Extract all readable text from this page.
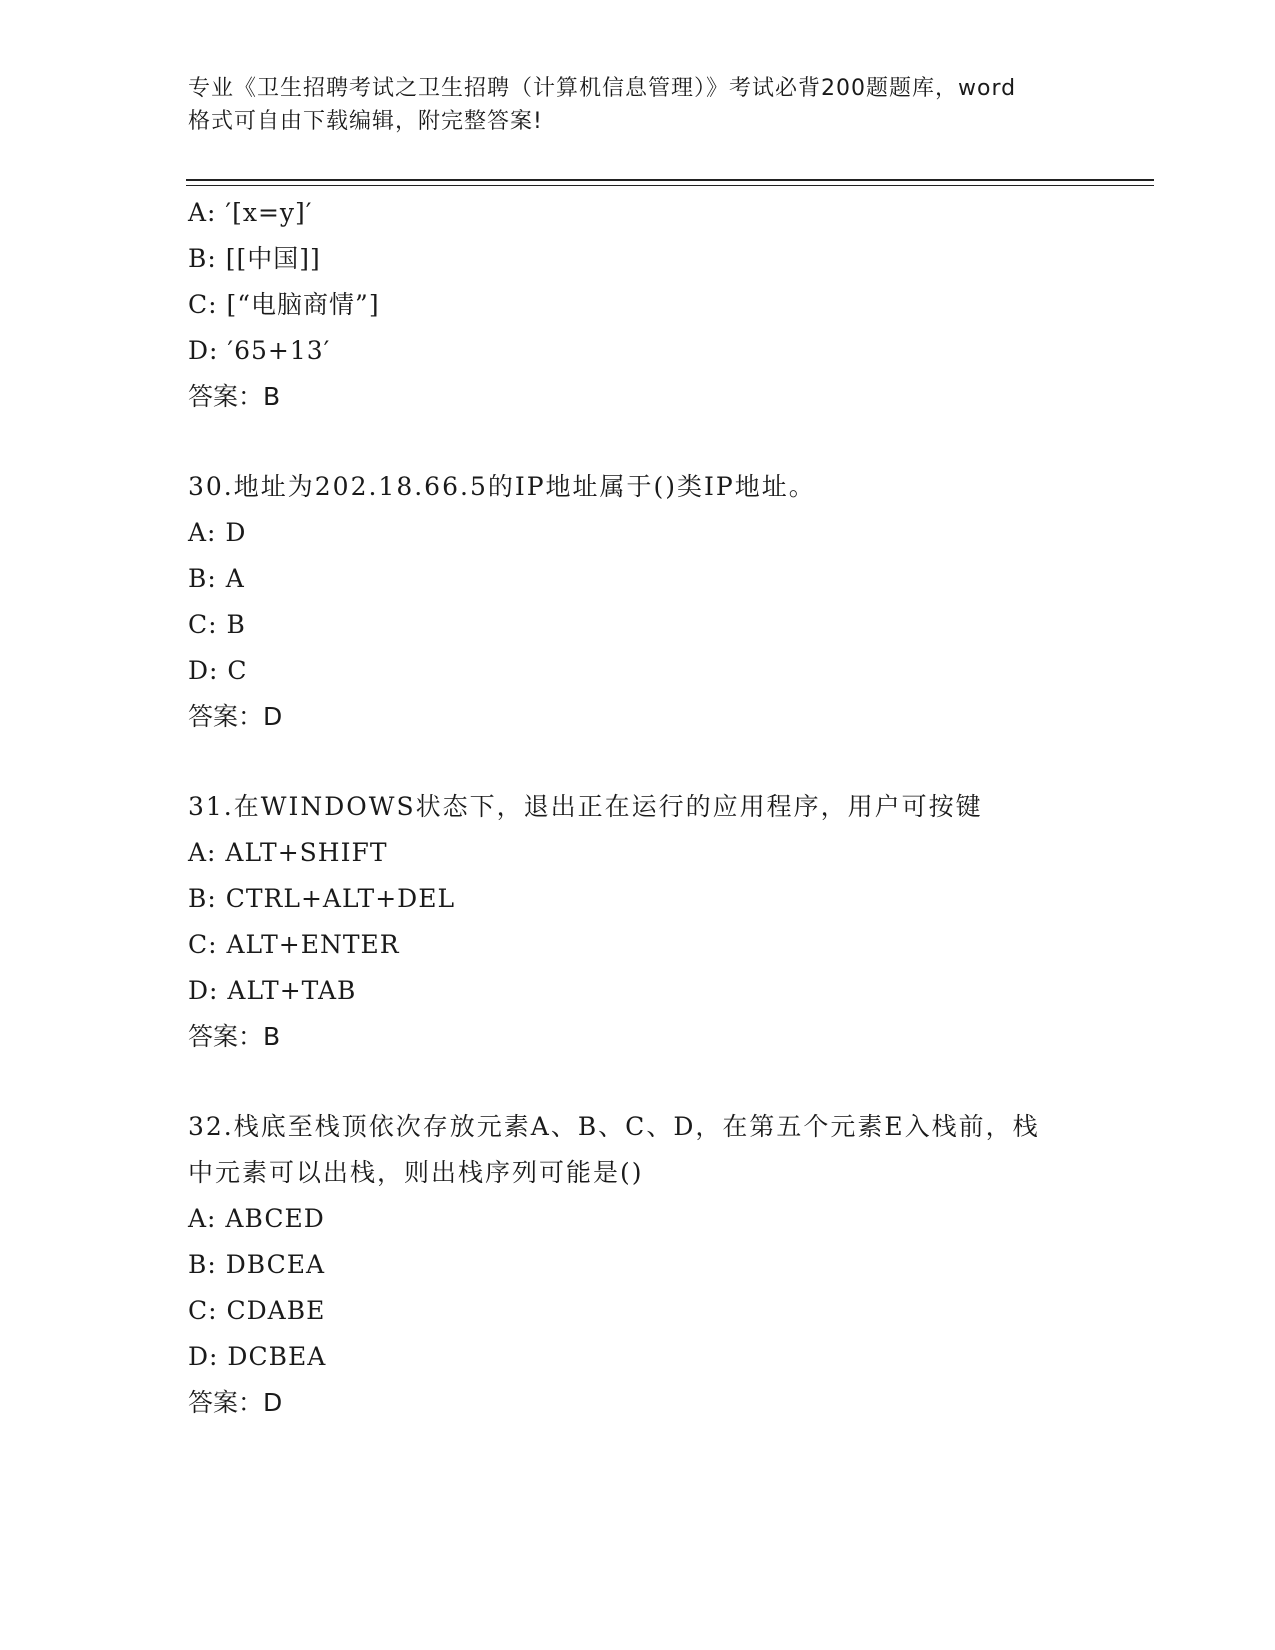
专业《卫生招聘考试之卫生招聘（计算机信息管理）》考试必背200题题库，word
格式可自由下载编辑，附完整答案!
A: ′[x=y]′
B: [[中国]]
C: [“电脑商情”]
D: ′65+13′
答案：B
30.地址为202.18.66.5的IP地址属于()类IP地址。
A: D
B: A
C: B
D: C
答案：D
31.在WINDOWS状态下，退出正在运行的应用程序，用户可按键
A: ALT+SHIFT
B: CTRL+ALT+DEL
C: ALT+ENTER
D: ALT+TAB
答案：B
32.栈底至栈顶依次存放元素A、B、C、D，在第五个元素E入栈前，栈
中元素可以出栈，则出栈序列可能是()
A: ABCED
B: DBCEA
C: CDABE
D: DCBEA
答案：D
